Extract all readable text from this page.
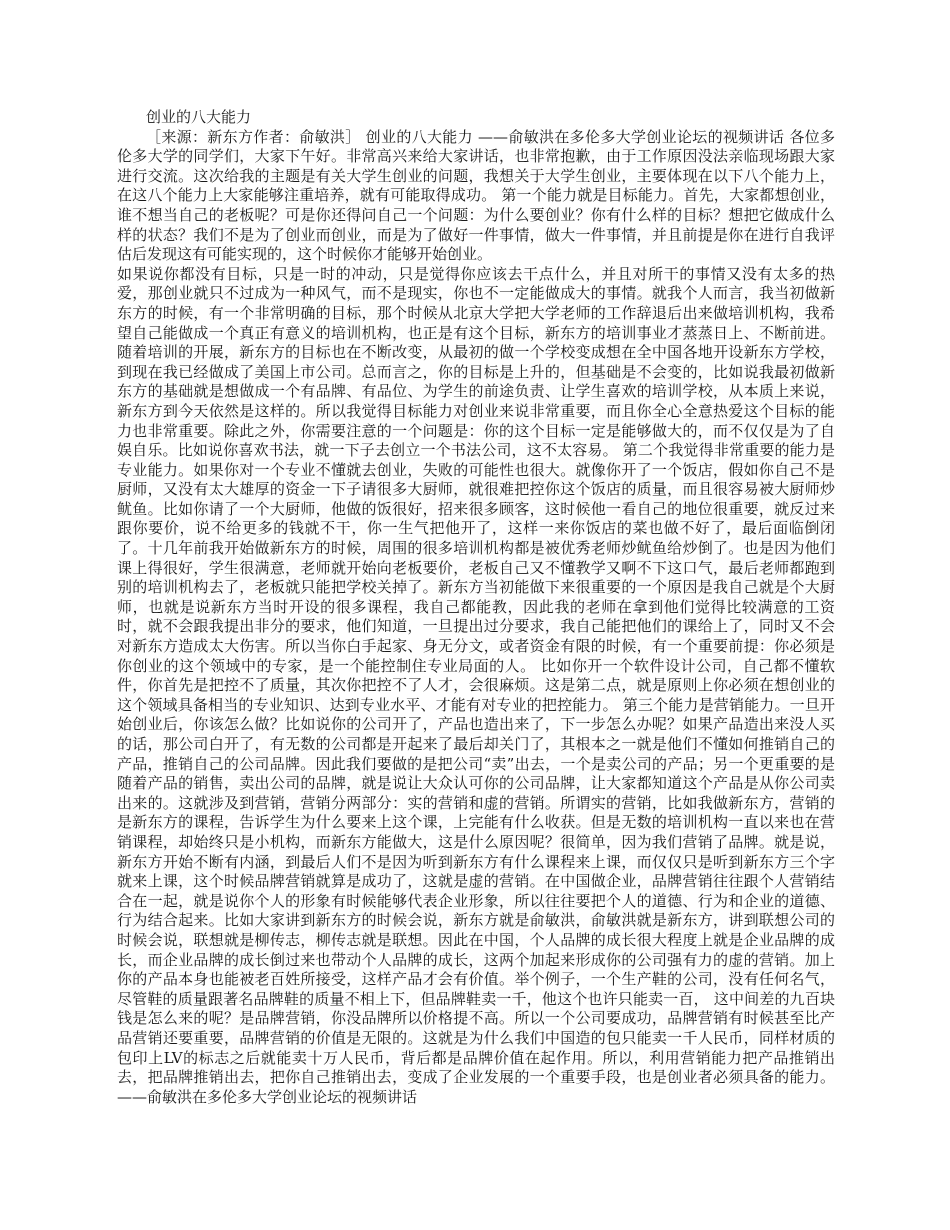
创业的八大能力

［来源：新东方作者：俞敏洪］ 创业的八大能力 ——俞敏洪在多伦多大学创业论坛的视频讲话 各位多伦多大学的同学们，大家下午好。非常高兴来给大家讲话，也非常抱歉，由于工作原因没法亲临现场跟大家进行交流。这次给我的主题是有关大学生创业的问题，我想关于大学生创业，主要体现在以下八个能力上，在这八个能力上大家能够注重培养，就有可能取得成功。 第一个能力就是目标能力。首先，大家都想创业，谁不想当自己的老板呢？可是你还得问自己一个问题：为什么要创业？你有什么样的目标？想把它做成什么样的状态？我们不是为了创业而创业，而是为了做好一件事情，做大一件事情，并且前提是你在进行自我评估后发现这有可能实现的，这个时候你才能够开始创业。

如果说你都没有目标，只是一时的冲动，只是觉得你应该去干点什么，并且对所干的事情又没有太多的热爱，那创业就只不过成为一种风气，而不是现实，你也不一定能做成大的事情。就我个人而言，我当初做新东方的时候，有一个非常明确的目标，那个时候从北京大学把大学老师的工作辞退后出来做培训机构，我希望自己能做成一个真正有意义的培训机构，也正是有这个目标，新东方的培训事业才蒸蒸日上、不断前进。随着培训的开展，新东方的目标也在不断改变，从最初的做一个学校变成想在全中国各地开设新东方学校，到现在我已经做成了美国上市公司。总而言之，你的目标是上升的，但基础是不会变的，比如说我最初做新东方的基础就是想做成一个有品牌、有品位、为学生的前途负责、让学生喜欢的培训学校，从本质上来说，新东方到今天依然是这样的。所以我觉得目标能力对创业来说非常重要，而且你全心全意热爱这个目标的能力也非常重要。除此之外，你需要注意的一个问题是：你的这个目标一定是能够做大的，而不仅仅是为了自娱自乐。比如说你喜欢书法，就一下子去创立一个书法公司，这不太容易。 第二个我觉得非常重要的能力是专业能力。如果你对一个专业不懂就去创业，失败的可能性也很大。就像你开了一个饭店，假如你自己不是厨师，又没有太大雄厚的资金一下子请很多大厨师，就很难把控你这个饭店的质量，而且很容易被大厨师炒鱿鱼。比如你请了一个大厨师，他做的饭很好，招来很多顾客，这时候他一看自己的地位很重要，就反过来跟你要价，说不给更多的钱就不干，你一生气把他开了，这样一来你饭店的菜也做不好了，最后面临倒闭了。十几年前我开始做新东方的时候，周围的很多培训机构都是被优秀老师炒鱿鱼给炒倒了。也是因为他们课上得很好，学生很满意，老师就开始向老板要价，老板自己又不懂教学又啊不下这口气，最后老师都跑到别的培训机构去了，老板就只能把学校关掉了。新东方当初能做下来很重要的一个原因是我自己就是个大厨师，也就是说新东方当时开设的很多课程，我自己都能教，因此我的老师在拿到他们觉得比较满意的工资时，就不会跟我提出非分的要求，他们知道，一旦提出过分要求，我自己能把他们的课给上了，同时又不会对新东方造成太大伤害。所以当你白手起家、身无分文，或者资金有限的时候，有一个重要前提：你必须是你创业的这个领域中的专家，是一个能控制住专业局面的人。 比如你开一个软件设计公司，自己都不懂软件，你首先是把控不了质量，其次你把控不了人才，会很麻烦。这是第二点，就是原则上你必须在想创业的这个领域具备相当的专业知识、达到专业水平、才能有对专业的把控能力。 第三个能力是营销能力。一旦开始创业后，你该怎么做？比如说你的公司开了，产品也造出来了，下一步怎么办呢？如果产品造出来没人买的话，那公司白开了，有无数的公司都是开起来了最后却关门了，其根本之一就是他们不懂如何推销自己的产品，推销自己的公司品牌。因此我们要做的是把公司“卖”出去，一个是卖公司的产品；另一个更重要的是随着产品的销售，卖出公司的品牌，就是说让大众认可你的公司品牌，让大家都知道这个产品是从你公司卖出来的。这就涉及到营销，营销分两部分：实的营销和虚的营销。所谓实的营销，比如我做新东方，营销的是新东方的课程，告诉学生为什么要来上这个课，上完能有什么收获。但是无数的培训机构一直以来也在营销课程，却始终只是小机构，而新东方能做大，这是什么原因呢？很简单，因为我们营销了品牌。就是说，新东方开始不断有内涵，到最后人们不是因为听到新东方有什么课程来上课，而仅仅只是听到新东方三个字就来上课，这个时候品牌营销就算是成功了，这就是虚的营销。在中国做企业，品牌营销往往跟个人营销结合在一起，就是说你个人的形象有时候能够代表企业形象，所以往往要把个人的道德、行为和企业的道德、行为结合起来。比如大家讲到新东方的时候会说，新东方就是俞敏洪，俞敏洪就是新东方，讲到联想公司的时候会说，联想就是柳传志，柳传志就是联想。因此在中国，个人品牌的成长很大程度上就是企业品牌的成长，而企业品牌的成长倒过来也带动个人品牌的成长，这两个加起来形成你的公司强有力的虚的营销。加上你的产品本身也能被老百姓所接受，这样产品才会有价值。举个例子，一个生产鞋的公司，没有任何名气，尽管鞋的质量跟著名品牌鞋的质量不相上下，但品牌鞋卖一千，他这个也许只能卖一百， 这中间差的九百块钱是怎么来的呢？是品牌营销，你没品牌所以价格提不高。所以一个公司要成功，品牌营销有时候甚至比产品营销还要重要，品牌营销的价值是无限的。这就是为什么我们中国造的包只能卖一千人民币，同样材质的包印上LV的标志之后就能卖十万人民币，背后都是品牌价值在起作用。所以，利用营销能力把产品推销出去，把品牌推销出去，把你自己推销出去，变成了企业发展的一个重要手段，也是创业者必须具备的能力。 ——俞敏洪在多伦多大学创业论坛的视频讲话
